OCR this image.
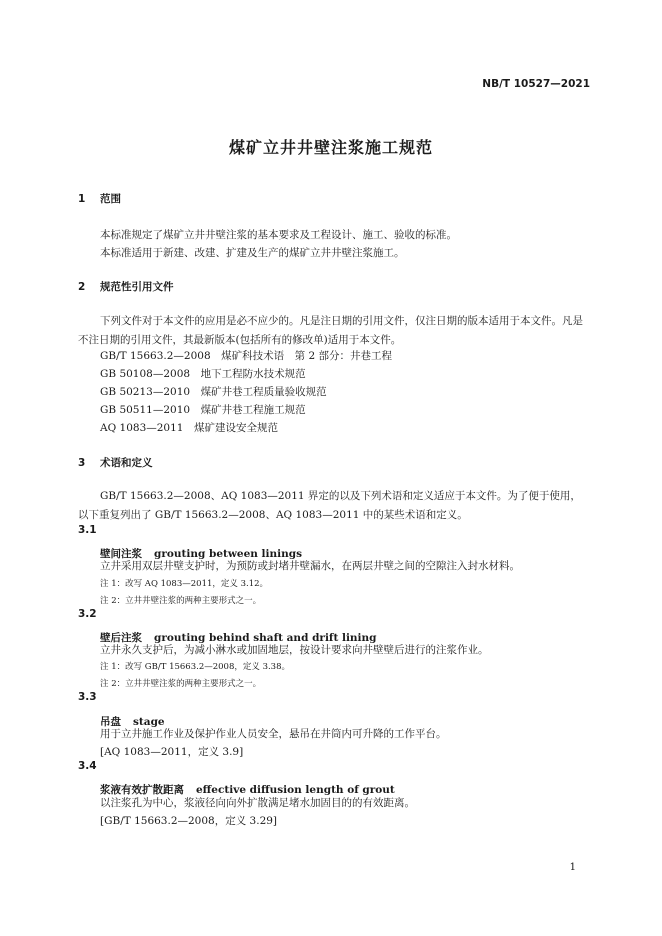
NB/T 10527—2021
煤矿立井井壁注浆施工规范
1 范围
本标准规定了煤矿立井井壁注浆的基本要求及工程设计、施工、验收的标准。
本标准适用于新建、改建、扩建及生产的煤矿立井井壁注浆施工。
2 规范性引用文件
下列文件对于本文件的应用是必不应少的。凡是注日期的引用文件，仅注日期的版本适用于本文件。凡是不注日期的引用文件，其最新版本(包括所有的修改单)适用于本文件。
GB/T 15663.2—2008　煤矿科技术语　第 2 部分：井巷工程
GB 50108—2008　地下工程防水技术规范
GB 50213—2010　煤矿井巷工程质量验收规范
GB 50511—2010　煤矿井巷工程施工规范
AQ 1083—2011　煤矿建设安全规范
3 术语和定义
GB/T 15663.2—2008、AQ 1083—2011 界定的以及下列术语和定义适应于本文件。为了便于使用，以下重复列出了 GB/T 15663.2—2008、AQ 1083—2011 中的某些术语和定义。
3.1
壁间注浆 grouting between linings
立井采用双层井壁支护时，为预防或封堵井壁漏水，在两层井壁之间的空隙注入封水材料。
注 1：改写 AQ 1083—2011，定义 3.12。
注 2：立井井壁注浆的两种主要形式之一。
3.2
壁后注浆 grouting behind shaft and drift lining
立井永久支护后，为减小淋水或加固地层，按设计要求向井壁壁后进行的注浆作业。
注 1：改写 GB/T 15663.2—2008，定义 3.38。
注 2：立井井壁注浆的两种主要形式之一。
3.3
吊盘 stage
用于立井施工作业及保护作业人员安全，悬吊在井筒内可升降的工作平台。
[AQ 1083—2011，定义 3.9]
3.4
浆液有效扩散距离 effective diffusion length of grout
以注浆孔为中心，浆液径向向外扩散满足堵水加固目的的有效距离。
[GB/T 15663.2—2008，定义 3.29]
1
